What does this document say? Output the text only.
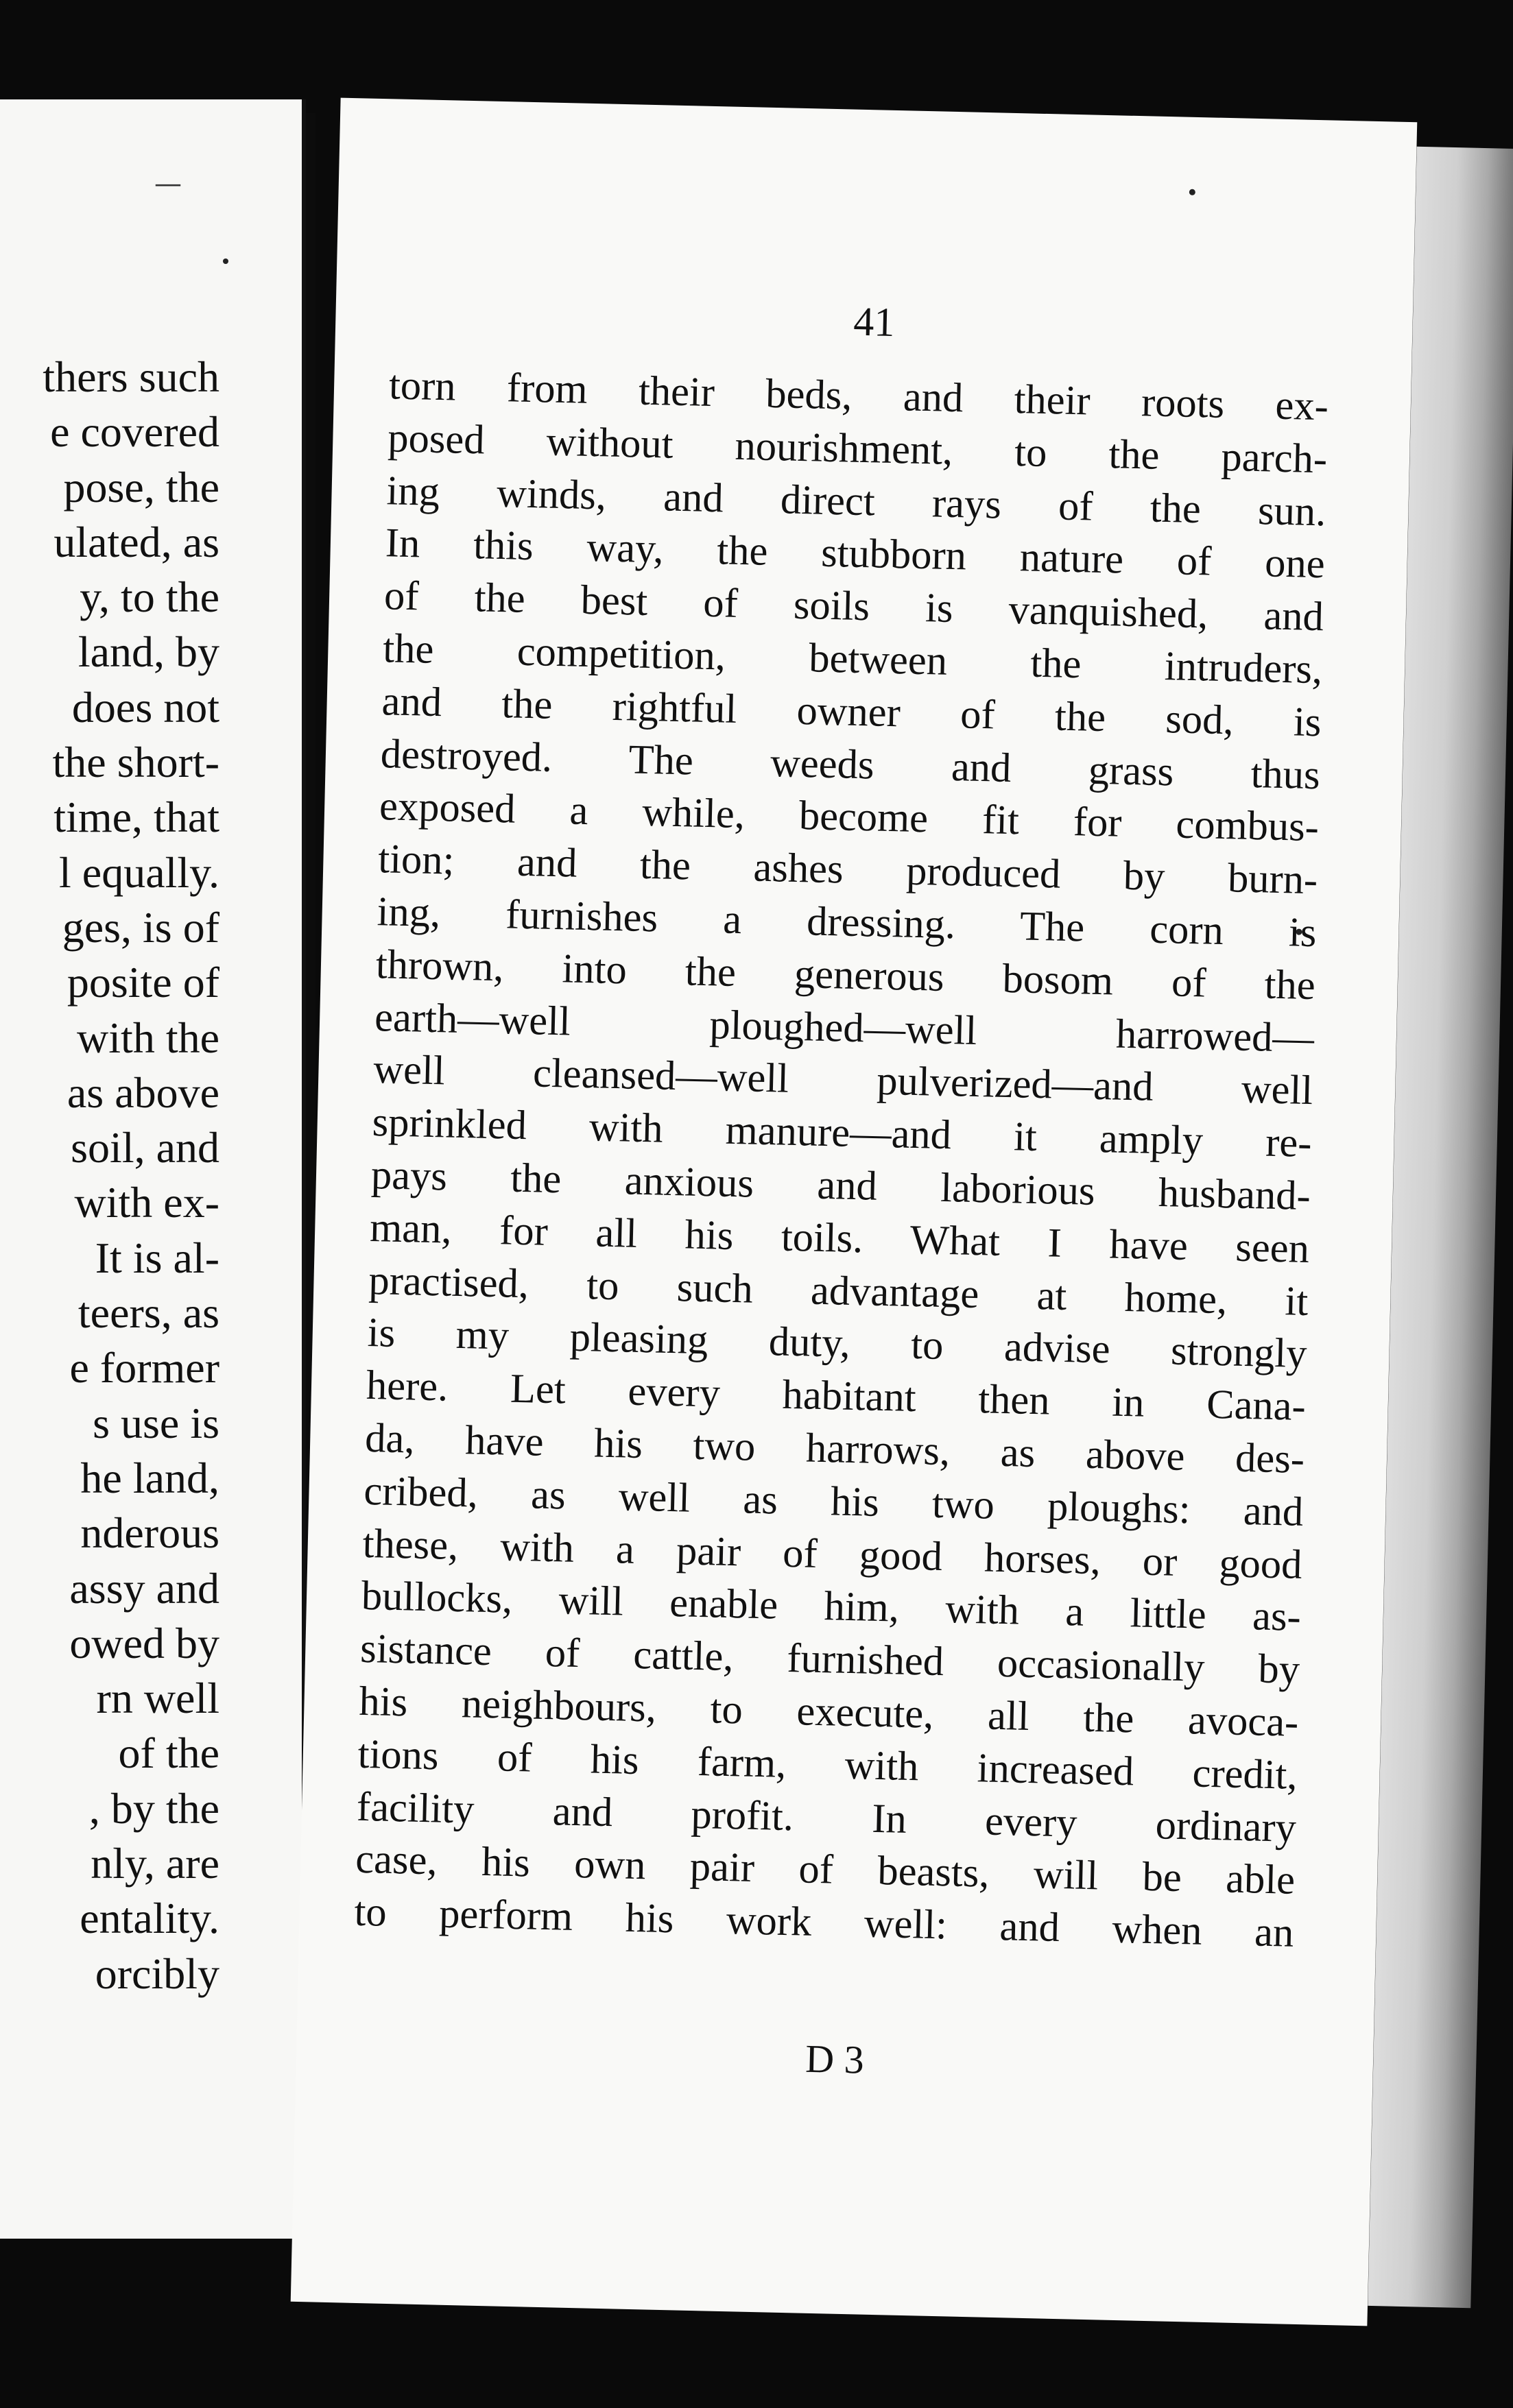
—
thers such
e covered
pose, the
ulated, as
y, to the
land, by
does not
the short-
time, that
l equally.
ges, is of
posite of
with the
as above
soil, and
with ex-
It is al-
teers, as
e former
s use is
he land,
nderous
assy and
owed by
rn well
of the
, by the
nly, are
entality.
orcibly
41
torn from their beds, and their roots ex-
posed without nourishment, to the parch-
ing winds, and direct rays of the sun.
In this way, the stubborn nature of one
of the best of soils is vanquished, and
the competition, between the intruders,
and the rightful owner of the sod, is
destroyed. The weeds and grass thus
exposed a while, become fit for combus-
tion; and the ashes produced by burn-
ing, furnishes a dressing. The corn is
thrown, into the generous bosom of the
earth—well ploughed—well harrowed—
well cleansed—well pulverized—and well
sprinkled with manure—and it amply re-
pays the anxious and laborious husband-
man, for all his toils. What I have seen
practised, to such advantage at home, it
is my pleasing duty, to advise strongly
here. Let every habitant then in Cana-
da, have his two harrows, as above des-
cribed, as well as his two ploughs: and
these, with a pair of good horses, or good
bullocks, will enable him, with a little as-
sistance of cattle, furnished occasionally by
his neighbours, to execute, all the avoca-
tions of his farm, with increased credit,
facility and profit. In every ordinary
case, his own pair of beasts, will be able
to perform his work well: and when an
D 3
